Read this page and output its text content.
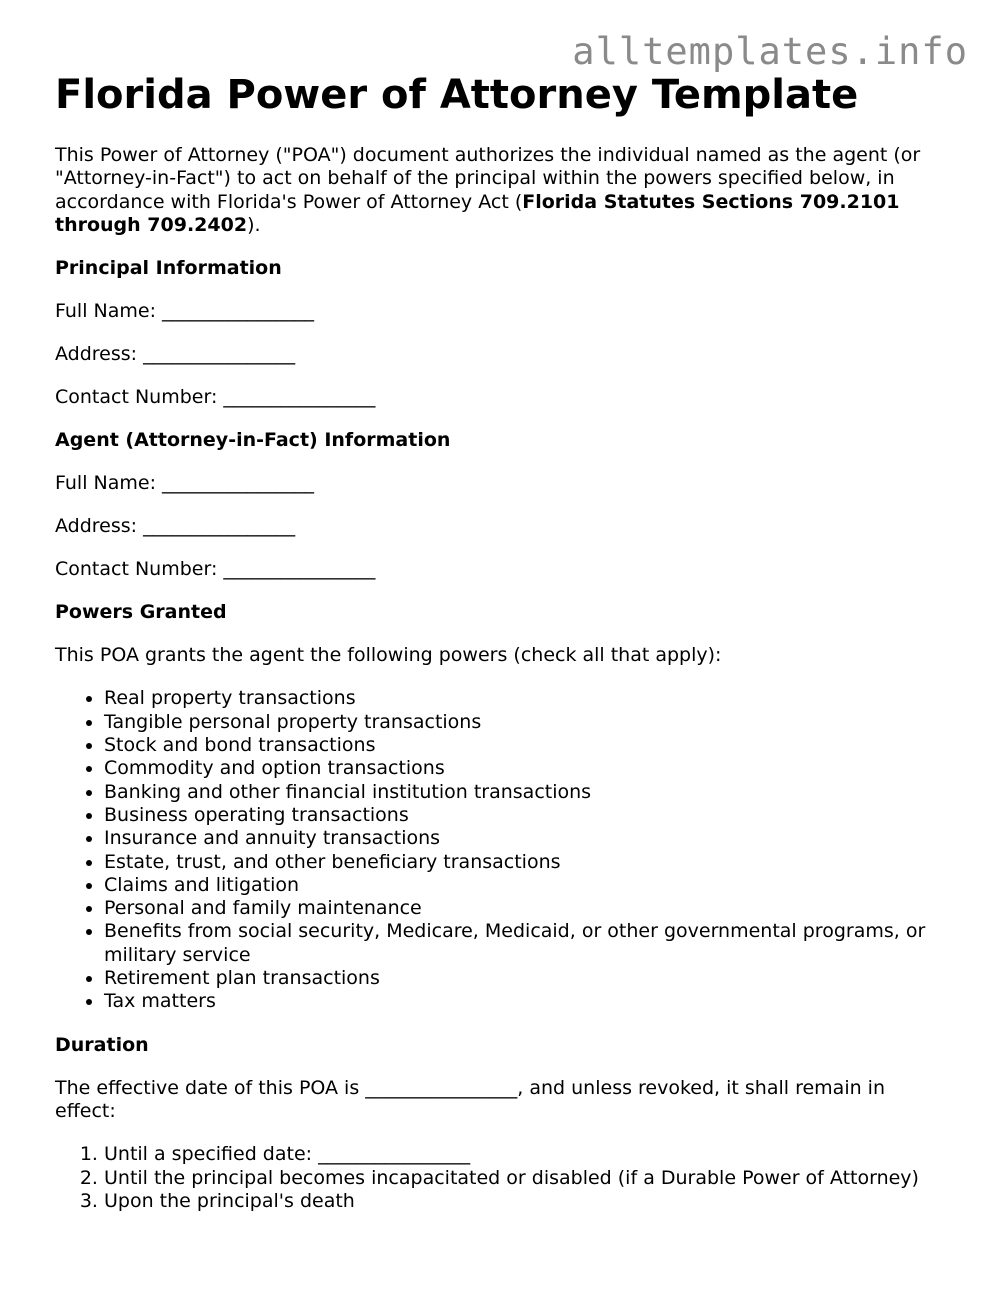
alltemplates.info
Florida Power of Attorney Template

This Power of Attorney ("POA") document authorizes the individual named as the agent (or "Attorney-in-Fact") to act on behalf of the principal within the powers specified below, in accordance with Florida's Power of Attorney Act (Florida Statutes Sections 709.2101 through 709.2402).

Principal Information
Full Name: ________________
Address: ________________
Contact Number: ________________
Agent (Attorney-in-Fact) Information
Full Name: ________________
Address: ________________
Contact Number: ________________
Powers Granted

This POA grants the agent the following powers (check all that apply):

• Real property transactions
• Tangible personal property transactions
• Stock and bond transactions
• Commodity and option transactions
• Banking and other financial institution transactions
• Business operating transactions
• Insurance and annuity transactions
• Estate, trust, and other beneficiary transactions
• Claims and litigation
• Personal and family maintenance
• Benefits from social security, Medicare, Medicaid, or other governmental programs, or military service
• Retirement plan transactions
• Tax matters
Duration

The effective date of this POA is ________________, and unless revoked, it shall remain in effect:

1. Until a specified date: ________________
2. Until the principal becomes incapacitated or disabled (if a Durable Power of Attorney)
3. Upon the principal's death
